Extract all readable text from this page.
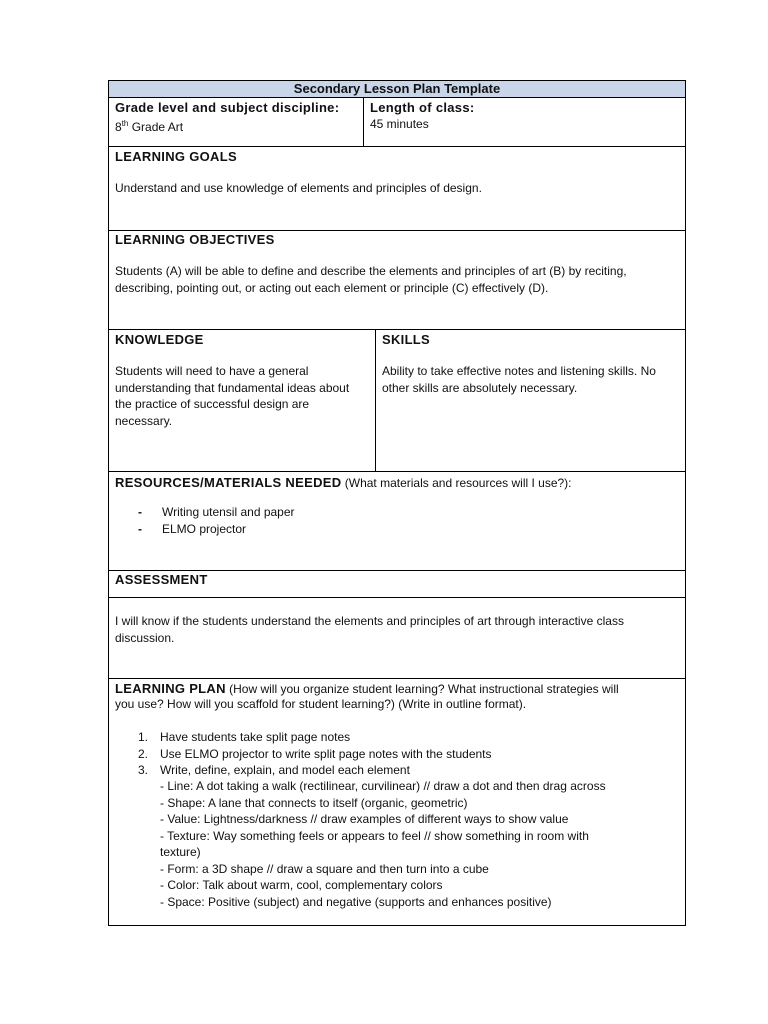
Secondary Lesson Plan Template
Grade level and subject discipline:
8th Grade Art
Length of class:
45 minutes
LEARNING GOALS
Understand and use knowledge of elements and principles of design.
LEARNING OBJECTIVES
Students (A) will be able to define and describe the elements and principles of art (B) by reciting,
describing, pointing out, or acting out each element or principle (C) effectively (D).
KNOWLEDGE
Students will need to have a general
understanding that fundamental ideas about
the practice of successful design are
necessary.
SKILLS
Ability to take effective notes and listening skills. No
other skills are absolutely necessary.
RESOURCES/MATERIALS NEEDED (What materials and resources will I use?):
- Writing utensil and paper
- ELMO projector
ASSESSMENT
I will know if the students understand the elements and principles of art through interactive class
discussion.
LEARNING PLAN (How will you organize student learning? What instructional strategies will
you use? How will you scaffold for student learning?) (Write in outline format).
1. Have students take split page notes
2. Use ELMO projector to write split page notes with the students
3. Write, define, explain, and model each element
- Line: A dot taking a walk (rectilinear, curvilinear) // draw a dot and then drag across
- Shape: A lane that connects to itself (organic, geometric)
- Value: Lightness/darkness // draw examples of different ways to show value
- Texture: Way something feels or appears to feel // show something in room with
texture)
- Form: a 3D shape // draw a square and then turn into a cube
- Color: Talk about warm, cool, complementary colors
- Space: Positive (subject) and negative (supports and enhances positive)
